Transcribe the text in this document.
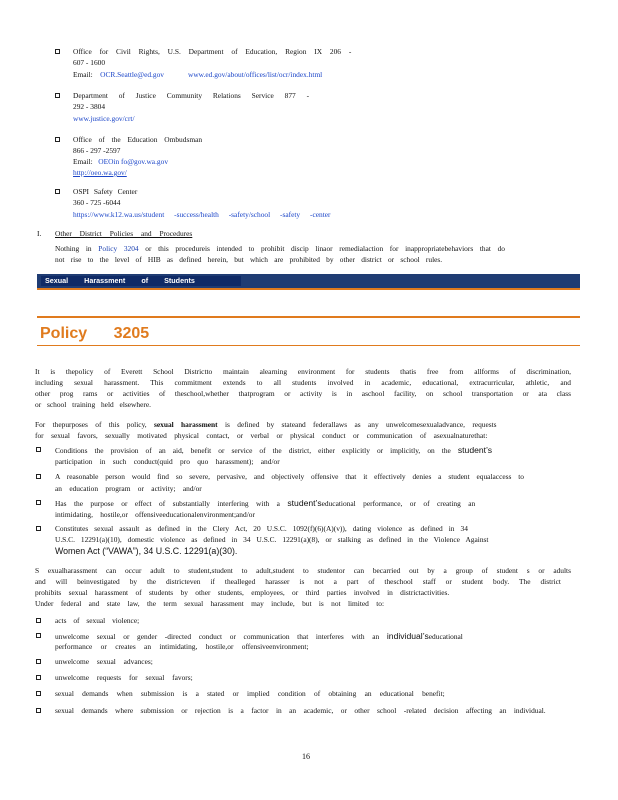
Office for Civil Rights, U.S. Department of Education, Region IX 206 -
607 - 1600
Email: OCR.Seattle@ed.gov	www.ed.gov/about/offices/list/ocr/index.html
Department of Justice Community Relations Service 877 -
292 - 3804
www.justice.gov/crt/
Office of the Education Ombudsman
866 - 297 -2597
Email: OEOin fo@gov.wa.gov
http://oeo.wa.gov/
OSPI Safety Center
360 - 725 -6044
https://www.k12.wa.us/student -success/health -safety/school -safety -center
I. Other District Policies and Procedures
Nothing in Policy 3204 or this procedureis intended to prohibit discip linaor remedialaction for inappropriatebehaviors that do
not rise to the level of HIB as defined herein, but which are prohibited by other district or school rules.
Sexual Harassment of Students
Policy 3205
It is thepolicy of Everett School Districtto maintain alearning environment for students thatis free from allforms of discrimination,
including sexual harassment. This commitment extends to all students involved in academic, educational, extracurricular, athletic, and
other prog rams or activities of theschool,whether thatprogram or activity is in aschool facility, on school transportation or ata class
or school training held elsewhere.
For thepurposes of this policy, sexual harassment is defined by stateand federallaws as any unwelcomesexualadvance, requests
for sexual favors, sexually motivated physical contact, or verbal or physical conduct or communication of asexualnaturethat:
Conditions the provision of an aid, benefit or service of the district, either explicitly or implicitly, on the student’s
participation in such conduct(quid pro quo harassment); and/or
A reasonable person would find so severe, pervasive, and objectively offensive that it effectively denies a student equalaccess to
an education program or activity; and/or
Has the purpose or effect of substantially interfering with a student’seducational performance, or of creating an
intimidating, hostile,or offensiveeducationalenvironment;and/or
Constitutes sexual assault as defined in the Clery Act, 20 U.S.C. 1092(f)(6)(A)(v)), dating violence as defined in 34
U.S.C. 12291(a)(10), domestic violence as defined in 34 U.S.C. 12291(a)(8), or stalking as defined in the Violence Against
Women Act (“VAWA”), 34 U.S.C. 12291(a)(30).
S exualharassment can occur adult to student,student to adult,student to studentor can becarried out by a group of student s or adults
and will beinvestigated by the districteven if thealleged harasser is not a part of theschool staff or student body. The district
prohibits sexual harassment of students by other students, employees, or third parties involved in districtactivities.
Under federal and state law, the term sexual harassment may include, but is not limited to:
acts of sexual violence;
unwelcome sexual or gender -directed conduct or communication that interferes with an individual’seducational
performance or creates an intimidating, hostile,or offensiveenvironment;
unwelcome sexual advances;
unwelcome requests for sexual favors;
sexual demands when submission is a stated or implied condition of obtaining an educational benefit;
sexual demands where submission or rejection is a factor in an academic, or other school -related decision affecting an individual.
16
